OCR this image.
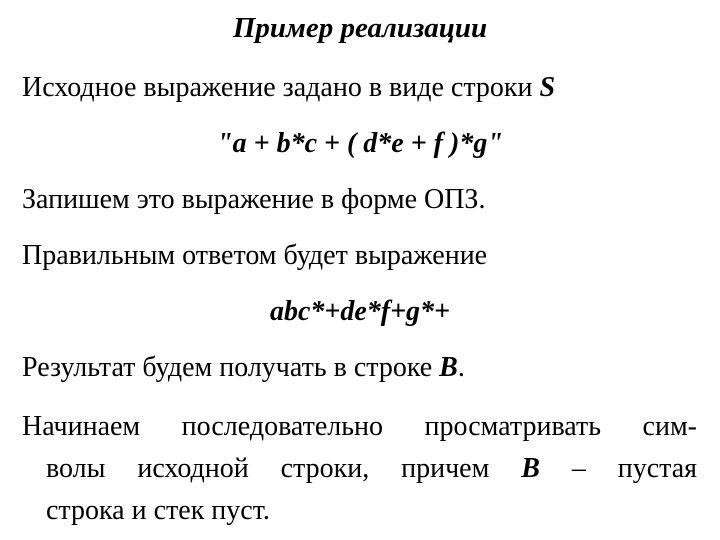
Пример реализации
Исходное выражение задано в виде строки S
"a + b*c + ( d*e + f )*g"
Запишем это выражение в форме ОПЗ.
Правильным ответом будет выражение
abc*+de*f+g*+
Результат будем получать в строке B.
Начинаем последовательно просматривать сим-
волы исходной строки, причем B – пустая
строка и стек пуст.
